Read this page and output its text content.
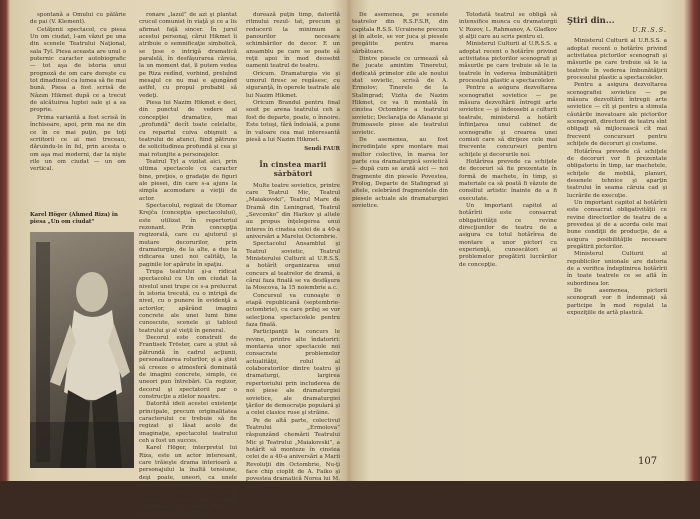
spontană a Omului cu pălărie de pai (V. Klement).

Cetăţenii spectacol, cu piesa Un om ciudat, l-am văzut pe una din scenele Teatrului Naţional, sala Tyl. Piesa aceasta are unul o puternic caracter autobiografic — tot aşa de istoria unui prognoză de om care doreşte cu tot dinadinsul ca lumea să fie mai bună. Piesa a fost scrisă de Nâzım Hikmet după ce a trecut de alcătuirea luptei sale şi a sa proprie.

Prima variantă a fost scrisă în închisoare, apoi, prin ma ne din ce în ce mai puţin, pe toţi scriitorii ce ai mei treceau, dăruindu-le în fel, prin acesta o om aşa mai moderni, dar la nişte rile un om ciudat — un om vertical.

Karel Höger (Ahmed Riza) în piesa „Un om ciudat”

ronare „lazul” de azi şi plantat crucul comunist în viaţă şi ce a lis afirmat faţă sincer. În jurul acestui personaj, cărui Hikmet îi atribuie o semnificaţie simbolică, se ţese o intrigă dramatică paralelă, în desfăşurarea căreia, la un moment dat, îl putem vedea pe Riza redînd, vorbind, preluînd mesajul ce nu mai e ajungând astfel, cu propul probabil să vedeţi.

Piesa lui Nazim Hikmet e deci, din punctul de vedere al concepţiei dramatice, mai „profundă” decît toate celelalte, cu repartul cuiva obişnuit a teatrului de atunci, fiind pătruns de solicitudinea profundă şi cea şi mai rotunjite a personajelor.

Teatrul Tyl a vizitat aici, prin ultima spectacole cu caracter bine, preţios, o gradaţie de figuri ale piesei, din care s-a ajuns la simpla acomodare a vieţii de actor.

Spectacolul, regizat de Otomar Krejča (concepţia spectacolului), este utilizat în repertoriul rezonant. Prin concepţia regizorală, care cu ajutorul şi mutare decorurilor, prin dramaturgie, de la alte, a dus la ridicarea unei noi calităţi, la paginile lor apărute în spaţiu.

Trupa teatrului şi-a ridicat spectacolul cu Un om ciudat la nivelul unei trupe ce s-a prelucrat în istoria trecută, cu o intrigă de nivel, cu o punere în evidenţă a actorilor, apărând imagini concrete ale unei lumi bine cunoscute, scenele şi tabloul teatrului şi al vieţii în general.

Decorul este construit de Frantisek Tröster, care a ştiut să pătrundă în cadrul acţiunii, personalizarea rolurilor, şi a ştiut să creeze o atmosferă dominată de imagini concrete, simple, ce uneori pun întrebări. Ca regizor, decorul şi spectatorii par o construcţie a zilelor noastre.

Datorită ideii acestei existenţe principale, precum originalitatea caracterului ce trebuie să fie regizat şi lăsat acolo de imaginaţie, spectacolul teatrului ceh a fost un succes.

Karel Höger, interpretul lui Riza, este un actor interesant, care trăieşte drama interioară a personajului la înaltă tensiune, deşi poate, uneori, ca unele accente vesele fie deserte.

Iată o reuşită, de sută dată concrete pe ordin tehnic: ambele spectacole reali- zate la Praga cu piesele lui Nâzim Hikmet

durează puţin timp, datorită ritmului rezul- tat, precum şi reducerii la minimum a panourilor necesare schimbărilor de decor. E un ansamblu pe care se poate să reţii apoi în mod deosebit oamenii teatrul de teatru.

Oricum. Dramaturgia vie şi umorul firesc se regăsesc, cu siguranţă, în operele teatrale ale lui Nazim Hikmet.

Oricum Brandul pentru final sosit pe arena teatrului ceh a fost de departe, poate, o înnoire. Este totuşi, fără îndoială, a pune în valoare cea mai interesantă piesă a lui Nazim Hikmet.

Sendi FAUR
În cinstea marii sărbători

Multe teatre sovietice, printre care Teatrul Mic, Teatrul „Maiakovski”, Teatrul Mare de Dramă din Leningrad, Teatrul „Sevcenko” din Harkov şi altele au propus înţelegerea unui interes în cinstea celei de a 40-a aniversări a Marelui Octombrie.

Spectacolul Ansamblul şi Teatrul sovietic, Teatrul Ministerului Culturii al U.R.S.S. a hotărît organizarea unui concurs al teatrelor de dramă, a cărui faza finală se va desfăşura la Moscova, la 15 noiembrie a.c.

Concursul va cunoaşte o etapă republicană (septembrie-octombrie), cu care prilej se vor selecţiona spectacolele pentru faza finală.

Participanţii la concurs le revine, printre alte îndatoriri: montarea unor spectacole noi consacrate problemelor actualităţii, rolul al colaboratorilor dintre teatru şi dramaturgi, largirea repertoriului prin includerea de noi piese ale dramaturgiei sovietice, ale dramaturgiei ţărilor de democraţie populară şi a celei clasice ruse şi străine.

Pe de altă parte, colectivul Teatrului „Ermolova” răspunzând chemării Teatrului Mic şi Teatrului „Maiakovski”, a hotărît să monteze în cinstea celei de a 40-a aniversări a Marii Revoluţii din Octombrie, Nu-ţi face chip cioplit de A. Faiko şi povestea dramatică Norea lui M. Svetlov.

De asemenea, pe scenele teatrelor din R.S.F.S.R, din capitala R.S.S. Ucrainene precum şi în altele, se vor juca şi piesele pregătite pentru marea sărbătoare.

Dintre piesele ce urmează să fie jucate amintim Tineretul, dedicată primelor zile ale noului stat sovietic, scrisă de A. Ermolov; Tinerele de la Stalingrad; Vizita de Nazim Hikmet, ce va fi montată în cinstea Octombrie a teatrului sovietic; Declaraţia de Afanasie şi frumoasele piese ale teatrului sovietic.

De asemenea, au fost încredinţate spre montare mai multor colective, în marea lor parte cea dramaturgică sovietică — după cum se arată aici — noi fragmente din piesele Povestea, Prolog, Departe de Stalingrad şi altele, celebrând fragmentele din piesele actuale ale dramaturgiei sovietice.

Totodată teatrul se obligă să intensifice munca cu dramaturgii V. Rozov, L. Rahmanov, A. Gladkov şi alţii care au scris pentru el.

Ministerul Culturii al U.R.S.S. a adoptat recent o hotărîre privind activitatea pictorilor scenografi şi măsurile pe care trebuie să le ia teatrele în vederea îmbunătăţirii procesului plastic a spectacolelor.

Pentru a asigura dezvoltarea scenografiei sovietice — pe măsura dezvoltării întregii arte sovietice — şi îndeosebi a culturii teatrale, ministerul a hotărît înfiinţarea unui cabinet de scenografie şi crearea unei comisii care să dirijeze cele mai frecvente concursuri pentru schiţele şi decorurile noi.

Hotărîrea prevede ca schiţele de decoruri să fie prezentate în formă de machete, în timp, și materiale ca să poată fi văzute de consiliul artistic înainte de a fi executate.

Un important capitol al hotărîrii este consacrat obligativităţii ce revine direcţiunilor de teatru de a asigura cu totul hotărîrea de montare a unor pictori cu experienţă, cunoscători ai problemelor pregătirii lucrărilor de concepţie.

Ştiri din...
U.R.S.S.

Ministerul Culturii al U.R.S.S. a adoptat recent o hotărîre privind activitatea pictorilor scenografi şi măsurile pe care trebuie să le ia teatrele în vederea îmbunătăţirii procesului plastic a spectacolelor.

Pentru a asigura dezvoltarea scenografiei sovietice — pe măsura dezvoltării întregii arte sovietice — cît şi pentru a stimula căutările inovatoare ale pictorilor scenografi, directorii de teatru sînt obligaţi să mijlocească cît mai frecvent concursuri pentru schiţele de decoruri şi costume.

Hotărîrea prevede că schiţele de decoruri vor fi prezentate obligatoriu în timp, iar machetele, schiţele de mobilă, planuri, desenele tehnice şi aparţin teatrului în seama căruia cad şi lucrările de execuţie.

Un important capitol al hotărîrii este consacrat obligativităţii ce revine directorilor de teatru de a prevedea şi de a acorda cele mai bune condiţii de producţie, de a asigura posibilităţile necesare pregătirii pictorilor.

Ministerul Culturii al republicilor unionale are datoria de a verifica îndeplinirea hotărîrii în toate teatrele ce se află în subordinea lor.

De asemenea, pictorii scenografi vor fi îndemnaţi să participe în mod regulat la expoziţiile de artă plastică.

107
